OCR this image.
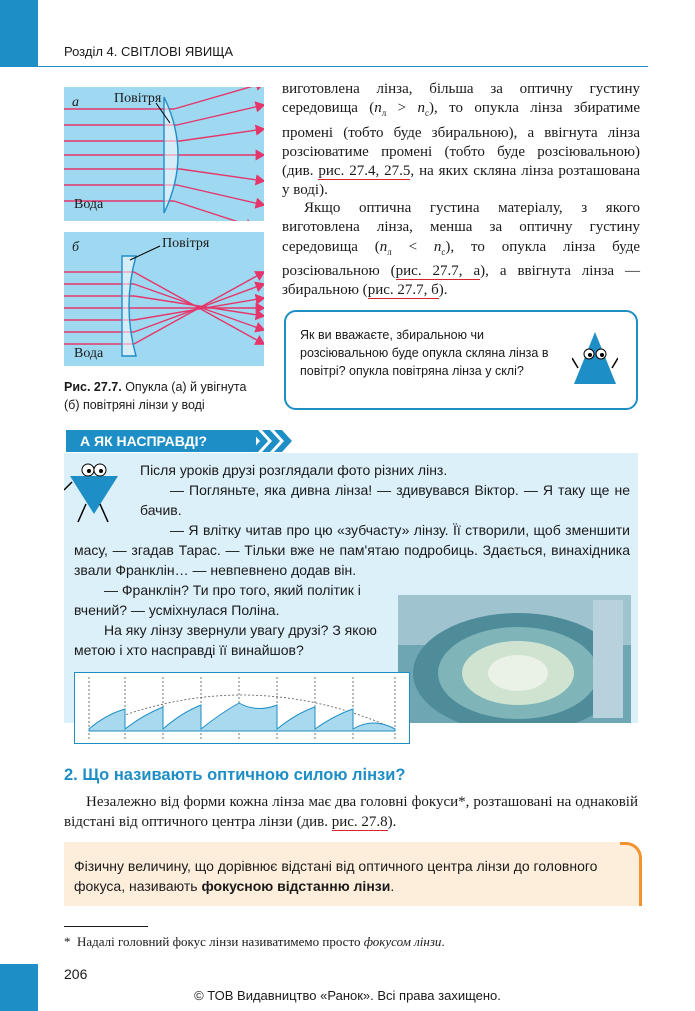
Розділ 4. СВІТЛОВІ ЯВИЩА
а	Повітря
Вода
б	Повітря
Вода
Рис. 27.7. Опукла (а) й увігнута (б) повітряні лінзи у воді
виготовлена лінза, більша за оптичну густину середовища $(n_л > n_с)$, то опукла лінза збиратиме промені (тобто буде збиральною), а ввігнута лінза розсіюватиме промені (тобто буде розсіювальною) (див. рис. 27.4, 27.5, на яких скляна лінза розташована у воді).
Якщо оптична густина матеріалу, з якого виготовлена лінза, менша за оптичну густину середовища $(n_л < n_с)$, то опукла лінза буде розсіювальною (рис. 27.7, а), а ввігнута лінза — збиральною (рис. 27.7, б).
Як ви вважаєте, збиральною чи розсіювальною буде опукла скляна лінза в повітрі? опукла повітряна лінза у склі?
А ЯК НАСПРАВДІ?
Після уроків друзі розглядали фото різних лінз.
— Погляньте, яка дивна лінза! — здивувався Віктор. — Я таку ще не бачив.
— Я влітку читав про цю «зубчасту» лінзу. Її створили, щоб зменшити масу, — згадав Тарас. — Тільки вже не пам'ятаю подробиць. Здається, винахідника звали Франклін… — невпевнено додав він.
— Франклін? Ти про того, який політик і вчений? — усміхнулася Поліна.
На яку лінзу звернули увагу друзі? З якою метою і хто насправді її винайшов?
2. Що називають оптичною силою лінзи?
Незалежно від форми кожна лінза має два головні фокуси*, розташовані на однаковій відстані від оптичного центра лінзи (див. рис. 27.8).
Фізичну величину, що дорівнює відстані від оптичного центра лінзи до головного фокуса, називають фокусною відстанню лінзи.
* Надалі головний фокус лінзи називатимемо просто фокусом лінзи.
206
© ТОВ Видавництво «Ранок». Всі права захищено.
